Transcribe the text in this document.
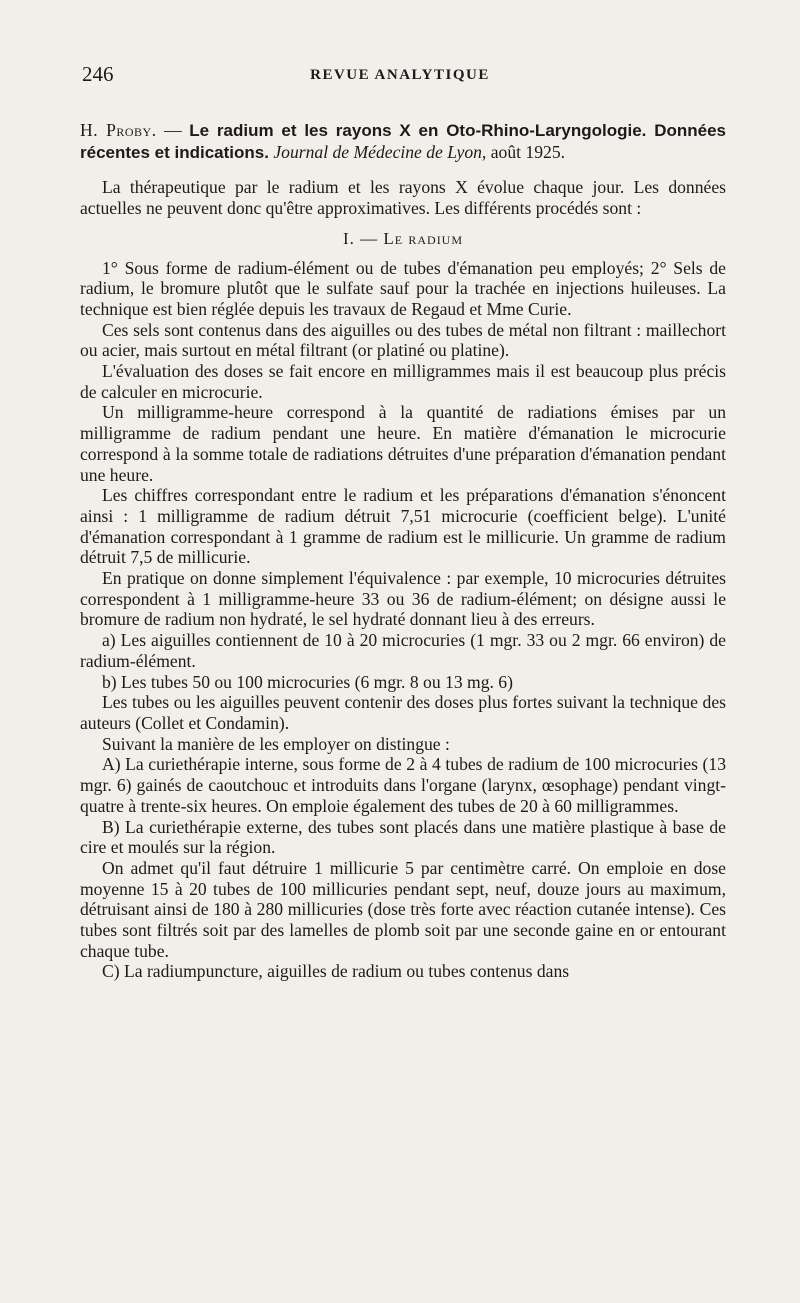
246	REVUE ANALYTIQUE
H. Proby. — Le radium et les rayons X en Oto-Rhino-Laryngologie. Données récentes et indications. Journal de Médecine de Lyon, août 1925.

La thérapeutique par le radium et les rayons X évolue chaque jour. Les données actuelles ne peuvent donc qu'être approximatives. Les différents procédés sont :

I. — Le radium

1° Sous forme de radium-élément ou de tubes d'émanation peu employés; 2° Sels de radium, le bromure plutôt que le sulfate sauf pour la trachée en injections huileuses. La technique est bien réglée depuis les travaux de Regaud et Mme Curie.

Ces sels sont contenus dans des aiguilles ou des tubes de métal non filtrant : maillechort ou acier, mais surtout en métal filtrant (or platiné ou platine).

L'évaluation des doses se fait encore en milligrammes mais il est beaucoup plus précis de calculer en microcurie.

Un milligramme-heure correspond à la quantité de radiations émises par un milligramme de radium pendant une heure. En matière d'émanation le microcurie correspond à la somme totale de radiations détruites d'une préparation d'émanation pendant une heure.

Les chiffres correspondant entre le radium et les préparations d'émanation s'énoncent ainsi : 1 milligramme de radium détruit 7,51 microcurie (coefficient belge). L'unité d'émanation correspondant à 1 gramme de radium est le millicurie. Un gramme de radium détruit 7,5 de millicurie.

En pratique on donne simplement l'équivalence : par exemple, 10 microcuries détruites correspondent à 1 milligramme-heure 33 ou 36 de radium-élément; on désigne aussi le bromure de radium non hydraté, le sel hydraté donnant lieu à des erreurs.

a) Les aiguilles contiennent de 10 à 20 microcuries (1 mgr. 33 ou 2 mgr. 66 environ) de radium-élément.

b) Les tubes 50 ou 100 microcuries (6 mgr. 8 ou 13 mg. 6)

Les tubes ou les aiguilles peuvent contenir des doses plus fortes suivant la technique des auteurs (Collet et Condamin).

Suivant la manière de les employer on distingue :

A) La curiethérapie interne, sous forme de 2 à 4 tubes de radium de 100 microcuries (13 mgr. 6) gainés de caoutchouc et introduits dans l'organe (larynx, œsophage) pendant vingt-quatre à trente-six heures. On emploie également des tubes de 20 à 60 milligrammes.

B) La curiethérapie externe, des tubes sont placés dans une matière plastique à base de cire et moulés sur la région.

On admet qu'il faut détruire 1 millicurie 5 par centimètre carré. On emploie en dose moyenne 15 à 20 tubes de 100 millicuries pendant sept, neuf, douze jours au maximum, détruisant ainsi de 180 à 280 millicuries (dose très forte avec réaction cutanée intense). Ces tubes sont filtrés soit par des lamelles de plomb soit par une seconde gaine en or entourant chaque tube.

C) La radiumpuncture, aiguilles de radium ou tubes contenus dans
